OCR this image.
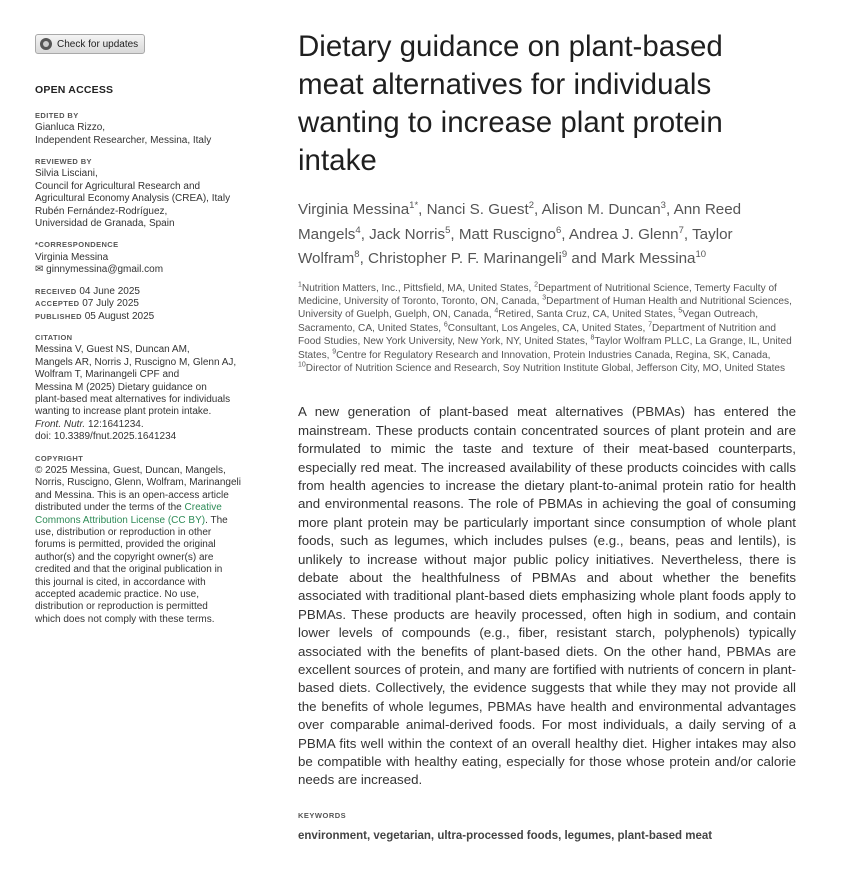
Check for updates
OPEN ACCESS
EDITED BY
Gianluca Rizzo,
Independent Researcher, Messina, Italy
REVIEWED BY
Silvia Lisciani,
Council for Agricultural Research and
Agricultural Economy Analysis (CREA), Italy
Rubén Fernández-Rodríguez,
Universidad de Granada, Spain
*CORRESPONDENCE
Virginia Messina
✉ ginnymessina@gmail.com
RECEIVED 04 June 2025
ACCEPTED 07 July 2025
PUBLISHED 05 August 2025
CITATION
Messina V, Guest NS, Duncan AM,
Mangels AR, Norris J, Ruscigno M, Glenn AJ,
Wolfram T, Marinangeli CPF and
Messina M (2025) Dietary guidance on
plant-based meat alternatives for individuals
wanting to increase plant protein intake.
Front. Nutr. 12:1641234.
doi: 10.3389/fnut.2025.1641234
COPYRIGHT
© 2025 Messina, Guest, Duncan, Mangels,
Norris, Ruscigno, Glenn, Wolfram, Marinangeli
and Messina. This is an open-access article
distributed under the terms of the Creative
Commons Attribution License (CC BY). The
use, distribution or reproduction in other
forums is permitted, provided the original
author(s) and the copyright owner(s) are
credited and that the original publication in
this journal is cited, in accordance with
accepted academic practice. No use,
distribution or reproduction is permitted
which does not comply with these terms.
Dietary guidance on plant-based meat alternatives for individuals wanting to increase plant protein intake
Virginia Messina$^{1*}$, Nanci S. Guest$^2$, Alison M. Duncan$^3$, Ann Reed Mangels$^4$, Jack Norris$^5$, Matt Ruscigno$^6$, Andrea J. Glenn$^7$, Taylor Wolfram$^8$, Christopher P. F. Marinangeli$^9$ and Mark Messina$^{10}$
$^1$Nutrition Matters, Inc., Pittsfield, MA, United States, $^2$Department of Nutritional Science, Temerty Faculty of Medicine, University of Toronto, Toronto, ON, Canada, $^3$Department of Human Health and Nutritional Sciences, University of Guelph, Guelph, ON, Canada, $^4$Retired, Santa Cruz, CA, United States, $^5$Vegan Outreach, Sacramento, CA, United States, $^6$Consultant, Los Angeles, CA, United States, $^7$Department of Nutrition and Food Studies, New York University, New York, NY, United States, $^8$Taylor Wolfram PLLC, La Grange, IL, United States, $^9$Centre for Regulatory Research and Innovation, Protein Industries Canada, Regina, SK, Canada, $^{10}$Director of Nutrition Science and Research, Soy Nutrition Institute Global, Jefferson City, MO, United States

A new generation of plant-based meat alternatives (PBMAs) has entered the mainstream. These products contain concentrated sources of plant protein and are formulated to mimic the taste and texture of their meat-based counterparts, especially red meat. The increased availability of these products coincides with calls from health agencies to increase the dietary plant-to-animal protein ratio for health and environmental reasons. The role of PBMAs in achieving the goal of consuming more plant protein may be particularly important since consumption of whole plant foods, such as legumes, which includes pulses (e.g., beans, peas and lentils), is unlikely to increase without major public policy initiatives. Nevertheless, there is debate about the healthfulness of PBMAs and about whether the benefits associated with traditional plant-based diets emphasizing whole plant foods apply to PBMAs. These products are heavily processed, often high in sodium, and contain lower levels of compounds (e.g., fiber, resistant starch, polyphenols) typically associated with the benefits of plant-based diets. On the other hand, PBMAs are excellent sources of protein, and many are fortified with nutrients of concern in plant-based diets. Collectively, the evidence suggests that while they may not provide all the benefits of whole legumes, PBMAs have health and environmental advantages over comparable animal-derived foods. For most individuals, a daily serving of a PBMA fits well within the context of an overall healthy diet. Higher intakes may also be compatible with healthy eating, especially for those whose protein and/or calorie needs are increased.

KEYWORDS
environment, vegetarian, ultra-processed foods, legumes, plant-based meat
